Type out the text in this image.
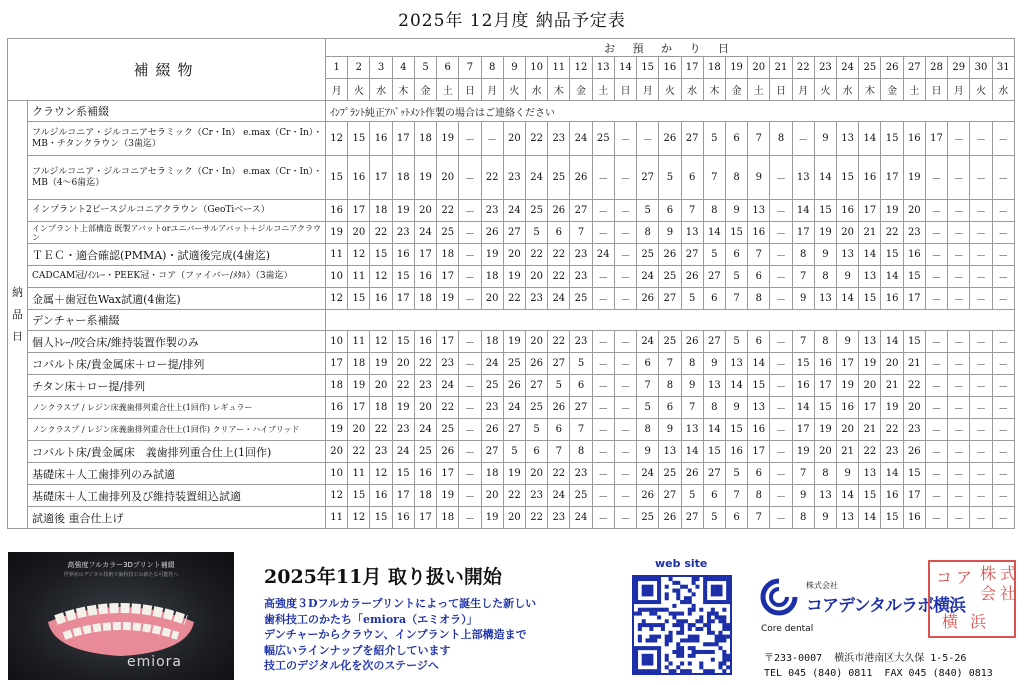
2025年 12月度 納品予定表
補綴物		お 預 か り 日																														
		1	2	3	4	5	6	7	8	9	10	11	12	13	14	15	16	17	18	19	20	21	22	23	24	25	26	27	28	29	30	31
		月	火	水	木	金	土	日	月	火	水	木	金	土	日	月	火	水	木	金	土	日	月	火	水	木	金	土	日	月	火	水
納品日	クラウン系補綴	ｲﾝﾌﾟﾗﾝﾄ純正ｱﾊﾞｯﾄﾒﾝﾄ作製の場合はご連絡ください																														
	フルジルコニア・ジルコニアセラミック（Cr・In） e.max（Cr・In）・MB・チタンクラウン（3歯迄）	12	15	16	17	18	19	－	－	20	22	23	24	25	－	－	26	27	5	6	7	8	－	9	13	14	15	16	17	－	－	－
	フルジルコニア・ジルコニアセラミック（Cr・In） e.max（Cr・In）・MB（4～6歯迄）	15	16	17	18	19	20	－	22	23	24	25	26	－	－	27	5	6	7	8	9	－	13	14	15	16	17	19	－	－	－	－
	インプラント2ピースジルコニアクラウン（GeoTiベース）	16	17	18	19	20	22	－	23	24	25	26	27	－	－	5	6	7	8	9	13	－	14	15	16	17	19	20	－	－	－	－
	インプラント上部構造 既製アバットorユニバーサルアバット＋ジルコニアクラウン	19	20	22	23	24	25	－	26	27	5	6	7	－	－	8	9	13	14	15	16	－	17	19	20	21	22	23	－	－	－	－
	ＴＥＣ・適合確認(PMMA)・試適後完成(4歯迄)	11	12	15	16	17	18	－	19	20	22	22	23	24	－	25	26	27	5	6	7	－	8	9	13	14	15	16	－	－	－	－
	CADCAM冠/ｲﾝﾚｰ・PEEK冠・コア（ファイバー/ﾒﾀﾙ）（3歯迄）	10	11	12	15	16	17	－	18	19	20	22	23	－	－	24	25	26	27	5	6	－	7	8	9	13	14	15	－	－	－	－
	金属＋歯冠色Wax試適(4歯迄)	12	15	16	17	18	19	－	20	22	23	24	25	－	－	26	27	5	6	7	8	－	9	13	14	15	16	17	－	－	－	－
	デンチャー系補綴																															
	個人ﾄﾚｰ/咬合床/維持装置作製のみ	10	11	12	15	16	17	－	18	19	20	22	23	－	－	24	25	26	27	5	6	－	7	8	9	13	14	15	－	－	－	－
	コバルト床/貴金属床＋ロー提/排列	17	18	19	20	22	23	－	24	25	26	27	5	－	－	6	7	8	9	13	14	－	15	16	17	19	20	21	－	－	－	－
	チタン床＋ロー提/排列	18	19	20	22	23	24	－	25	26	27	5	6	－	－	7	8	9	13	14	15	－	16	17	19	20	21	22	－	－	－	－
	ノンクラスプ / レジン床義歯排列重合仕上(1回作) レギュラー	16	17	18	19	20	22	－	23	24	25	26	27	－	－	5	6	7	8	9	13	－	14	15	16	17	19	20	－	－	－	－
	ノンクラスプ / レジン床義歯排列重合仕上(1回作) クリアー・ハイブリッド	19	20	22	23	24	25	－	26	27	5	6	7	－	－	8	9	13	14	15	16	－	17	19	20	21	22	23	－	－	－	－
	コバルト床/貴金属床　義歯排列重合仕上(1回作)	20	22	23	24	25	26	－	27	5	6	7	8	－	－	9	13	14	15	16	17	－	19	20	21	22	23	26	－	－	－	－
	基礎床＋人工歯排列のみ試適	10	11	12	15	16	17	－	18	19	20	22	23	－	－	24	25	26	27	5	6	－	7	8	9	13	14	15	－	－	－	－
	基礎床＋人工歯排列及び維持装置組込試適	12	15	16	17	18	19	－	20	22	23	24	25	－	－	26	27	5	6	7	8	－	9	13	14	15	16	17	－	－	－	－
	試適後 重合仕上げ	11	12	15	16	17	18	－	19	20	22	23	24	－	－	25	26	27	5	6	7	－	8	9	13	14	15	16	－	－	－	－
高強度フルカラー3Dプリント補綴
世界初のデジタル技術で歯科技工の新たな可能性へ
emiora
2025年11月 取り扱い開始
高強度３Dフルカラープリントによって誕生した新しい
歯科技工のかたち「emiora（エミオラ）」
デンチャーからクラウン、インプラント上部構造まで
幅広いラインナップを紹介しています
技工のデジタル化を次のステージへ
web site
株式会社
コアデンタルラボ横浜
Core dental
株 式
会 社
コ ア
横 浜
〒233-0007 横浜市港南区大久保 1-5-26
TEL 045 (840) 0811 FAX 045 (840) 0813
